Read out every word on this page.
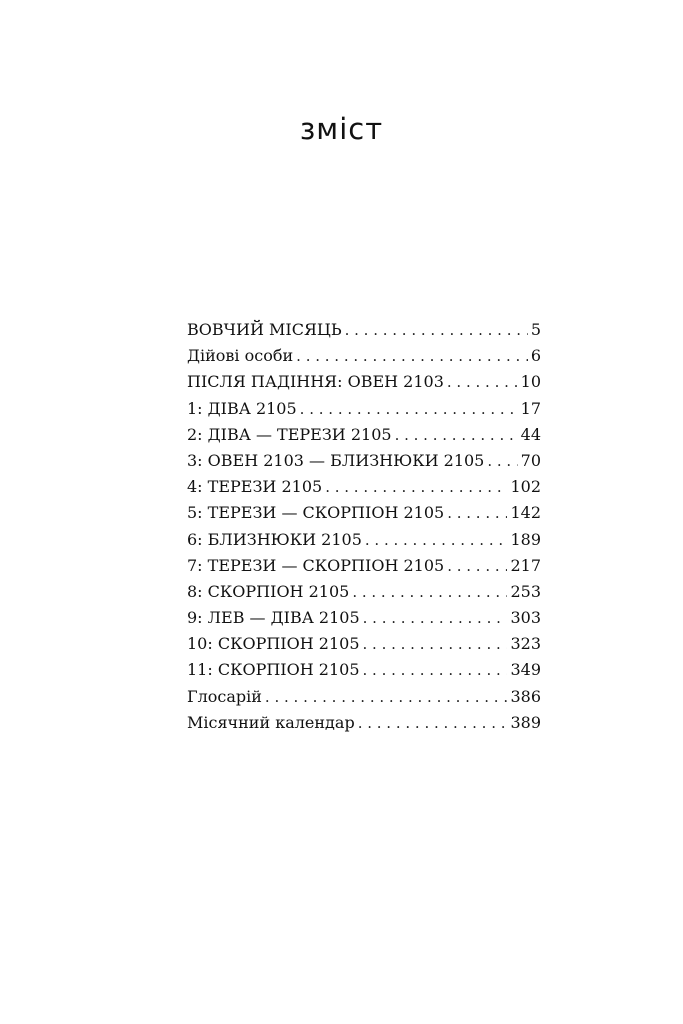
зміст
ВОВЧИЙ МІСЯЦЬ . . .	5
Дійові особи . . .	6
ПІСЛЯ ПАДІННЯ: ОВЕН 2103 . . .	10
1: ДІВА 2105 . . .	17
2: ДІВА — ТЕРЕЗИ 2105 . . .	44
3: ОВЕН 2103 — БЛИЗНЮКИ 2105 . . . 70
4: ТЕРЕЗИ 2105 . . .	102
5: ТЕРЕЗИ — СКОРПІОН 2105 . . .	142
6: БЛИЗНЮКИ 2105 . . .	189
7: ТЕРЕЗИ — СКОРПІОН 2105 . . .	217
8: СКОРПІОН 2105 . . .	253
9: ЛЕВ — ДІВА 2105 . . .	303
10: СКОРПІОН 2105 . . .	323
11: СКОРПІОН 2105 . . .	349
Глосарій . . .	386
Місячний календар . . .	389
